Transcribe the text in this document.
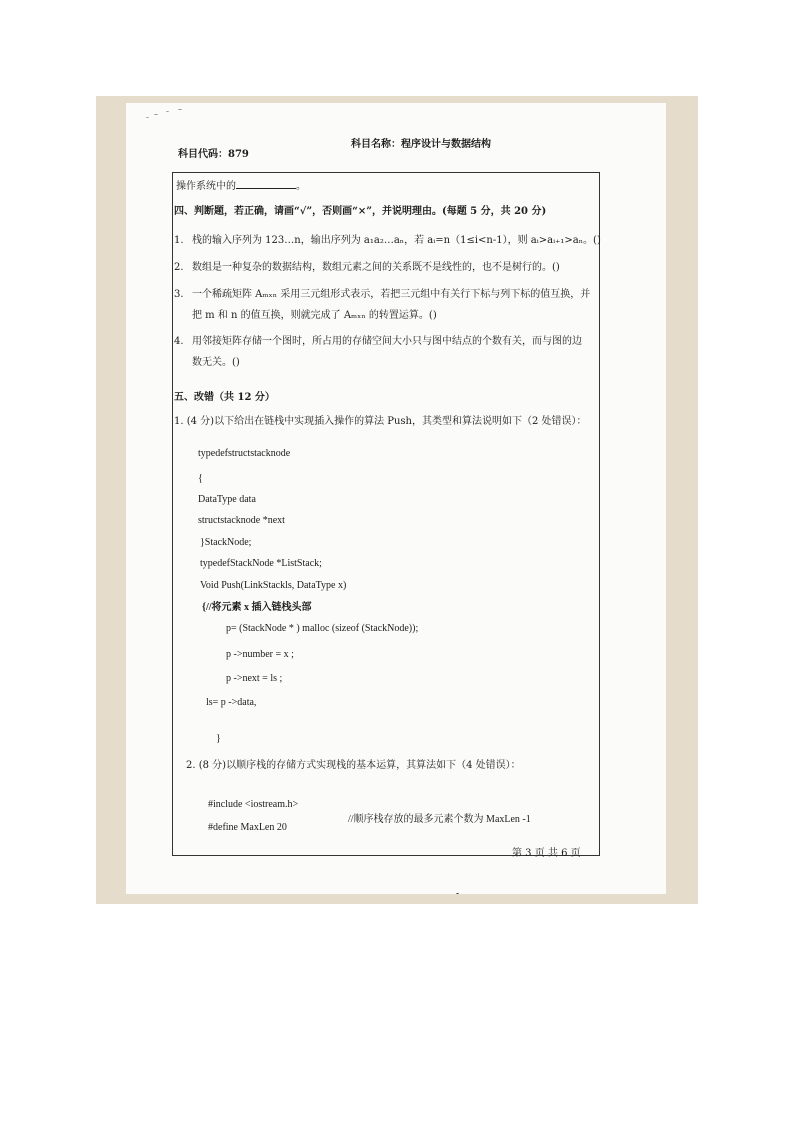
科目代码：879
科目名称：程序设计与数据结构
操作系统中的	。
四、判断题，若正确，请画“√”，否则画“×”，并说明理由。(每题 5 分，共 20 分)
1. 栈的输入序列为 123…n，输出序列为 a₁a₂…aₙ，若 aᵢ=n（1≤i<n-1），则 aᵢ>aᵢ₊₁>aₙ。()
2. 数组是一种复杂的数据结构，数组元素之间的关系既不是线性的，也不是树行的。()
3. 一个稀疏矩阵 Aₘₓₙ 采用三元组形式表示，若把三元组中有关行下标与列下标的值互换，并
把 m 和 n 的值互换，则就完成了 Aₘₓₙ 的转置运算。()
4. 用邻接矩阵存储一个图时，所占用的存储空间大小只与图中结点的个数有关，而与图的边
数无关。()
五、改错（共 12 分）
1. (4 分)以下给出在链栈中实现插入操作的算法 Push，其类型和算法说明如下（2 处错误）：
typedefstructstacknode
{
DataType data
structstacknode *next
}StackNode;
typedefStackNode *ListStack;
Void Push(LinkStackls, DataType x)
{//将元素 x 插入链栈头部
p= (StackNode * ) malloc (sizeof (StackNode));
p ->number = x ;
p ->next = ls ;
ls= p ->data,
}
2. (8 分)以顺序栈的存储方式实现栈的基本运算，其算法如下（4 处错误）：
#include <iostream.h>
#define MaxLen 20
//顺序栈存放的最多元素个数为 MaxLen -1
第 3 页 共 6 页
